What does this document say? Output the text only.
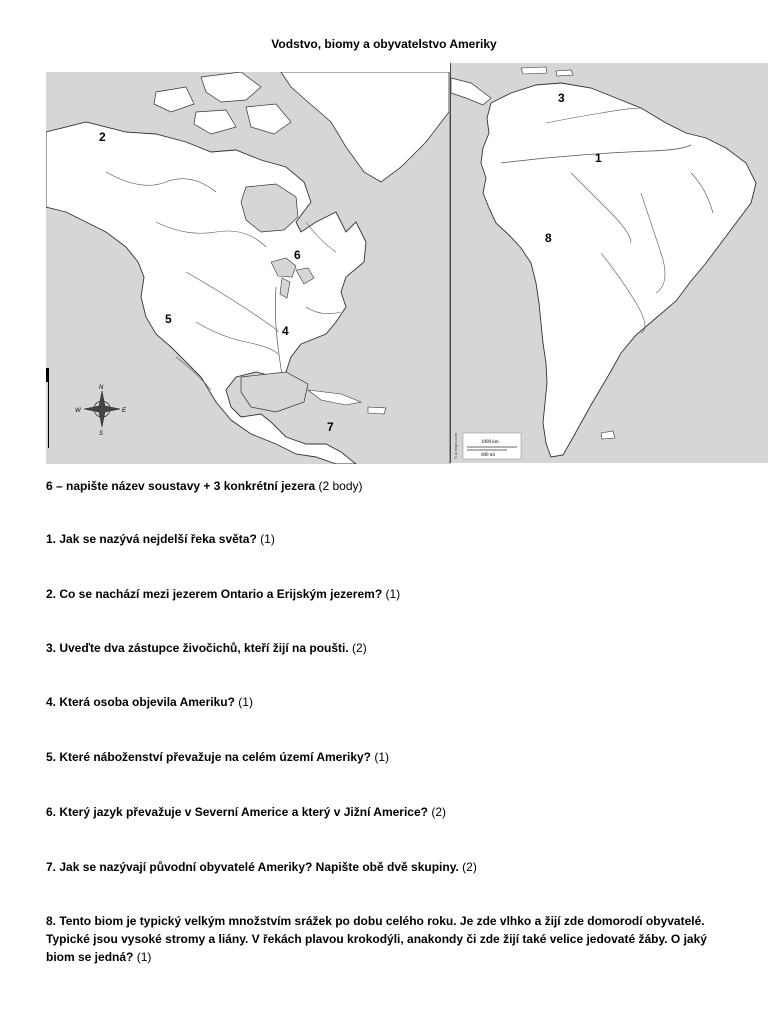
Vodstvo, biomy a obyvatelstvo Ameriky
2
6
5
4
7
N
S
E
W
3
1
8
1000 km
600 mi
© d-maps.com
6 – napište název soustavy + 3 konkrétní jezera (2 body)
1. Jak se nazývá nejdelší řeka světa? (1)
2. Co se nachází mezi jezerem Ontario a Erijským jezerem? (1)
3. Uveďte dva zástupce živočichů, kteří žijí na poušti. (2)
4. Která osoba objevila Ameriku? (1)
5. Které náboženství převažuje na celém území Ameriky? (1)
6. Který jazyk převažuje v Severní Americe a který v Jižní Americe? (2)
7. Jak se nazývají původní obyvatelé Ameriky? Napište obě dvě skupiny. (2)
8. Tento biom je typický velkým množstvím srážek po dobu celého roku. Je zde vlhko a žijí zde domorodí obyvatelé. Typické jsou vysoké stromy a liány. V řekách plavou krokodýli, anakondy či zde žijí také velice jedovaté žáby. O jaký biom se jedná? (1)
